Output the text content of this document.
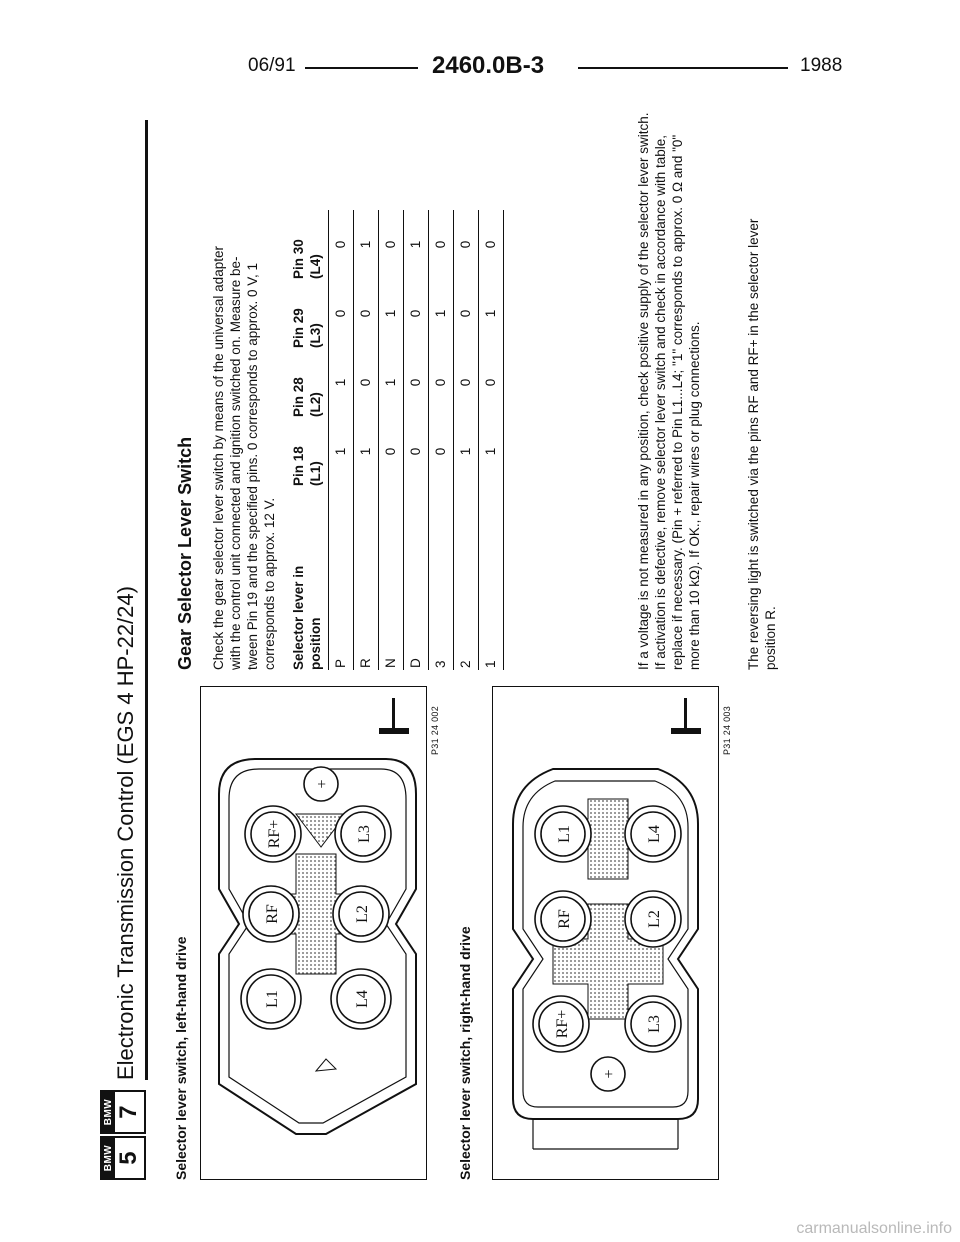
06/91	2460.0B-3	1988
BMW 5
BMW 7
Electronic Transmission Control (EGS 4 HP-22/24)	Selector lever switch, left-hand drive	L1	L4
RF	L2
RF+	L3
+
P31 24 002
Selector lever switch, right-hand drive	+
RF+	L3
RF	L2
L1	L4
P31 24 003
Gear Selector Lever Switch Check the gear selector lever switch by means of the universal adapter with the control unit connected and ignition switched on. Measure be-tween Pin 19 and the specified pins. 0 corresponds to approx. 0 V, 1 corresponds to approx. 12 V. Selector lever in position	Pin 18 (L1)	Pin 28 (L2)	Pin 29 (L3)	Pin 30 (L4)
P	1	1	0	0
R	1	0	0	1
N	0	1	1	0
D	0	0	0	1
3	0	0	1	0
2	1	0	0	0
1	1	0	1	0	If a voltage is not measured in any position, check positive supply of the selector lever switch. If activation is defective, remove selector lever switch and check in accordance with table, replace if necessary. (Pin + referred to Pin L1...L4; "1" corresponds to approx. 0 Ω and "0" more than 10 kΩ). If OK., repair wires or plug connections.	The reversing light is switched via the pins RF and RF+ in the selector lever position R.
carmanualsonline.info
